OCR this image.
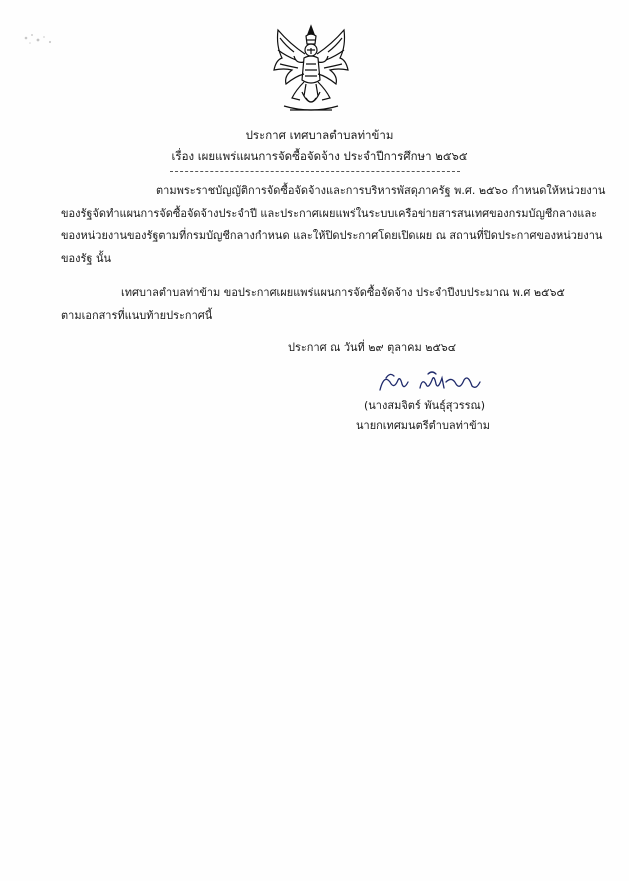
ประกาศ เทศบาลตำบลท่าข้าม
เรื่อง เผยแพร่แผนการจัดซื้อจัดจ้าง ประจำปีการศึกษา ๒๕๖๕
ตามพระราชบัญญัติการจัดซื้อจัดจ้างและการบริหารพัสดุภาครัฐ พ.ศ. ๒๕๖๐ กำหนดให้หน่วยงาน
ของรัฐจัดทำแผนการจัดซื้อจัดจ้างประจำปี และประกาศเผยแพร่ในระบบเครือข่ายสารสนเทศของกรมบัญชีกลางและ
ของหน่วยงานของรัฐตามที่กรมบัญชีกลางกำหนด และให้ปิดประกาศโดยเปิดเผย ณ สถานที่ปิดประกาศของหน่วยงาน
ของรัฐ นั้น
เทศบาลตำบลท่าข้าม ขอประกาศเผยแพร่แผนการจัดซื้อจัดจ้าง ประจำปีงบประมาณ พ.ศ ๒๕๖๕
ตามเอกสารที่แนบท้ายประกาศนี้
ประกาศ ณ วันที่ ๒๙ ตุลาคม ๒๕๖๔
(นางสมจิตร์ พันธุ์สุวรรณ)
นายกเทศมนตรีตำบลท่าข้าม
